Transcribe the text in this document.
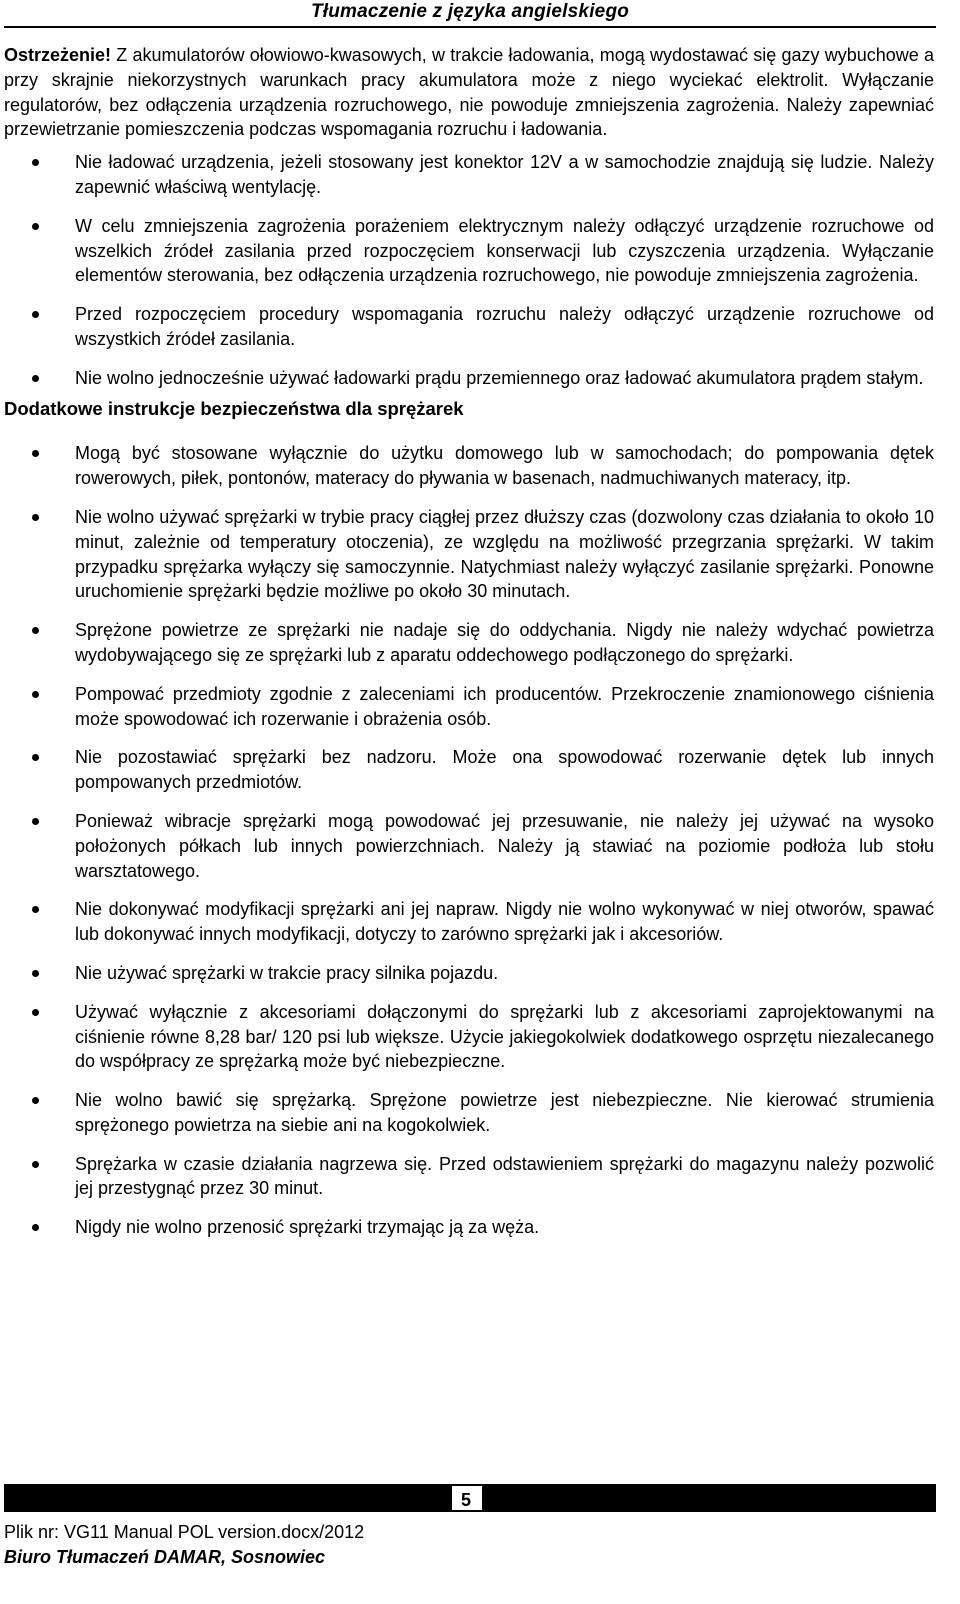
Tłumaczenie z języka angielskiego

Ostrzeżenie! Z akumulatorów ołowiowo-kwasowych, w trakcie ładowania, mogą wydostawać się gazy wybuchowe a przy skrajnie niekorzystnych warunkach pracy akumulatora może z niego wyciekać elektrolit. Wyłączanie regulatorów, bez odłączenia urządzenia rozruchowego, nie powoduje zmniejszenia zagrożenia. Należy zapewniać przewietrzanie pomieszczenia podczas wspomagania rozruchu i ładowania.

Nie ładować urządzenia, jeżeli stosowany jest konektor 12V a w samochodzie znajdują się ludzie. Należy zapewnić właściwą wentylację.
W celu zmniejszenia zagrożenia porażeniem elektrycznym należy odłączyć urządzenie rozruchowe od wszelkich źródeł zasilania przed rozpoczęciem konserwacji lub czyszczenia urządzenia. Wyłączanie elementów sterowania, bez odłączenia urządzenia rozruchowego, nie powoduje zmniejszenia zagrożenia.
Przed rozpoczęciem procedury wspomagania rozruchu należy odłączyć urządzenie rozruchowe od wszystkich źródeł zasilania.
Nie wolno jednocześnie używać ładowarki prądu przemiennego oraz ładować akumulatora prądem stałym.
Dodatkowe instrukcje bezpieczeństwa dla sprężarek
Mogą być stosowane wyłącznie do użytku domowego lub w samochodach; do pompowania dętek rowerowych, piłek, pontonów, materacy do pływania w basenach, nadmuchiwanych materacy, itp.
Nie wolno używać sprężarki w trybie pracy ciągłej przez dłuższy czas (dozwolony czas działania to około 10 minut, zależnie od temperatury otoczenia), ze względu na możliwość przegrzania sprężarki. W takim przypadku sprężarka wyłączy się samoczynnie. Natychmiast należy wyłączyć zasilanie sprężarki. Ponowne uruchomienie sprężarki będzie możliwe po około 30 minutach.
Sprężone powietrze ze sprężarki nie nadaje się do oddychania. Nigdy nie należy wdychać powietrza wydobywającego się ze sprężarki lub z aparatu oddechowego podłączonego do sprężarki.
Pompować przedmioty zgodnie z zaleceniami ich producentów. Przekroczenie znamionowego ciśnienia może spowodować ich rozerwanie i obrażenia osób.
Nie pozostawiać sprężarki bez nadzoru. Może ona spowodować rozerwanie dętek lub innych pompowanych przedmiotów.
Ponieważ wibracje sprężarki mogą powodować jej przesuwanie, nie należy jej używać na wysoko położonych półkach lub innych powierzchniach. Należy ją stawiać na poziomie podłoża lub stołu warsztatowego.
Nie dokonywać modyfikacji sprężarki ani jej napraw. Nigdy nie wolno wykonywać w niej otworów, spawać lub dokonywać innych modyfikacji, dotyczy to zarówno sprężarki jak i akcesoriów.
Nie używać sprężarki w trakcie pracy silnika pojazdu.
Używać wyłącznie z akcesoriami dołączonymi do sprężarki lub z akcesoriami zaprojektowanymi na ciśnienie równe 8,28 bar/ 120 psi lub większe. Użycie jakiegokolwiek dodatkowego osprzętu niezalecanego do współpracy ze sprężarką może być niebezpieczne.
Nie wolno bawić się sprężarką. Sprężone powietrze jest niebezpieczne. Nie kierować strumienia sprężonego powietrza na siebie ani na kogokolwiek.
Sprężarka w czasie działania nagrzewa się. Przed odstawieniem sprężarki do magazynu należy pozwolić jej przestygnąć przez 30 minut.
Nigdy nie wolno przenosić sprężarki trzymając ją za węża.
5
Plik nr: VG11 Manual POL version.docx/2012
Biuro Tłumaczeń DAMAR, Sosnowiec
